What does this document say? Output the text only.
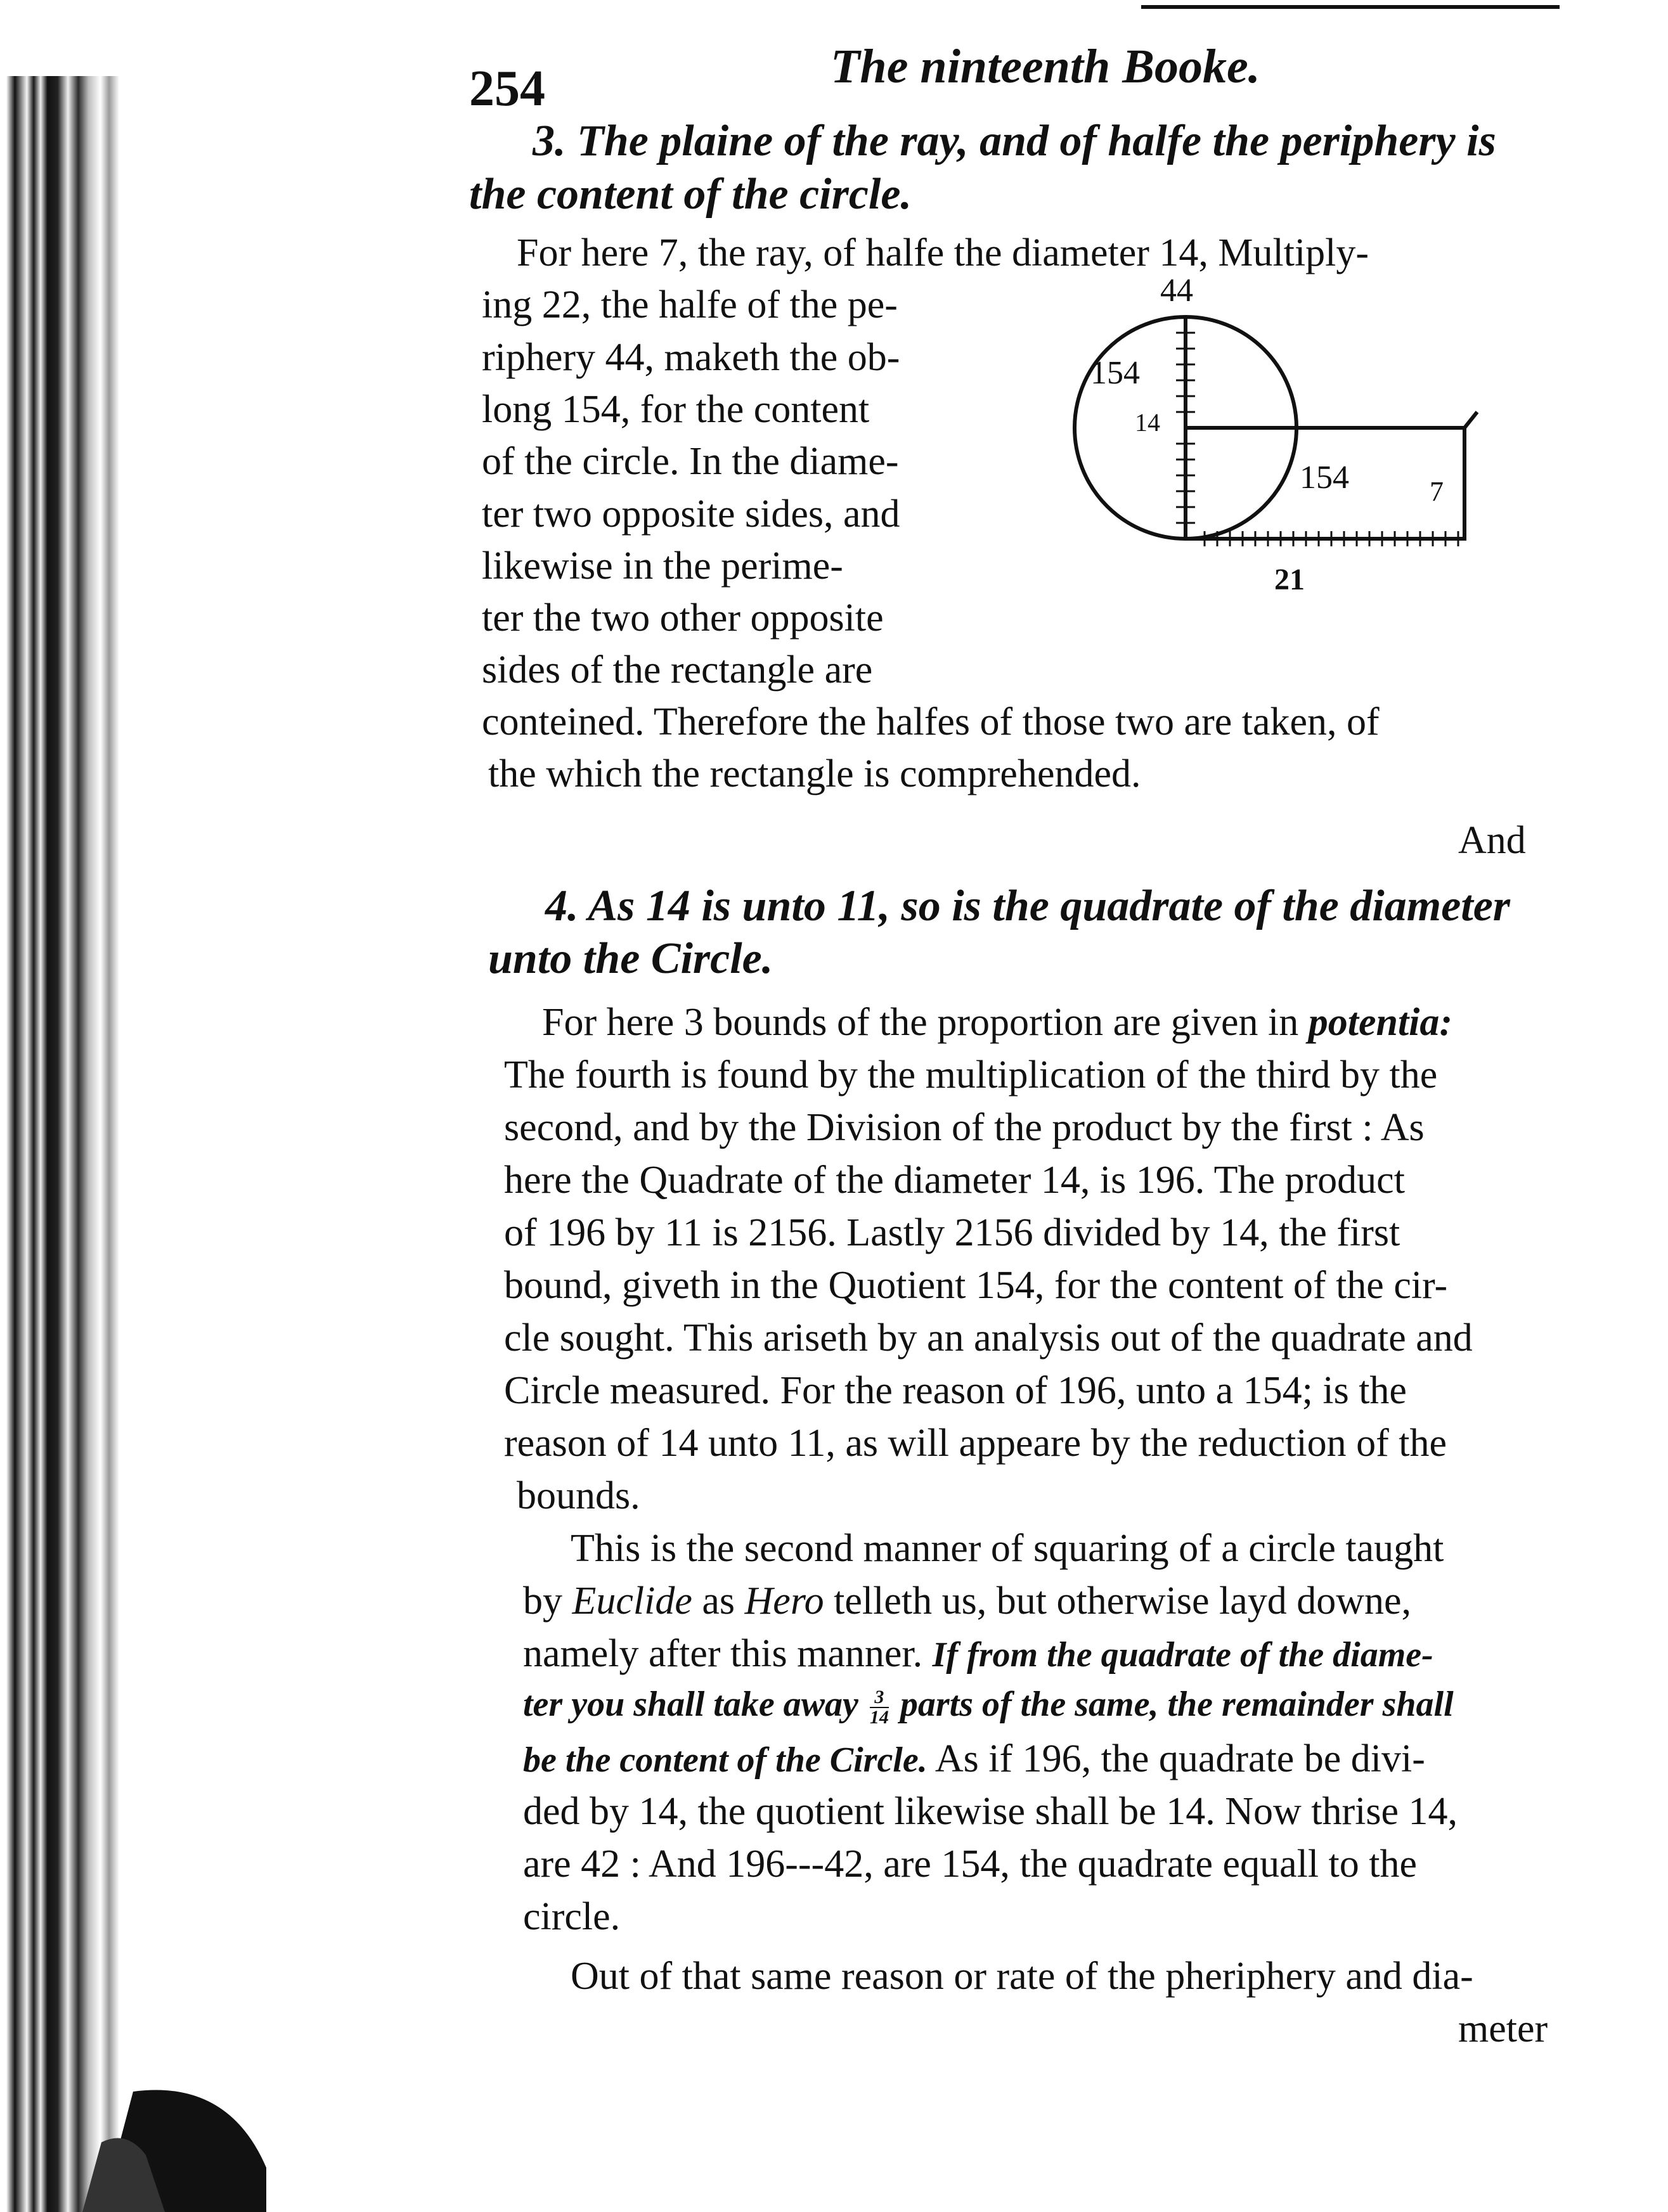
254	The ninteenth Booke.
3. The plaine of the ray, and of halfe the periphery is
the content of the circle.
For here 7, the ray, of halfe the diameter 14, Multiply-
ing 22, the halfe of the pe-
riphery 44, maketh the ob-
long 154, for the content
of the circle. In the diame-
ter two opposite sides, and
likewise in the perime-
ter the two other opposite
sides of the rectangle are
conteined. Therefore the halfes of those two are taken, of
the which the rectangle is comprehended.
And
4. As 14 is unto 11, so is the quadrate of the diameter
unto the Circle.
For here 3 bounds of the proportion are given in potentia:
The fourth is found by the multiplication of the third by the
second, and by the Division of the product by the first : As
here the Quadrate of the diameter 14, is 196. The product
of 196 by 11 is 2156. Lastly 2156 divided by 14, the first
bound, giveth in the Quotient 154, for the content of the cir-
cle sought. This ariseth by an analysis out of the quadrate and
Circle measured. For the reason of 196, unto a 154; is the
reason of 14 unto 11, as will appeare by the reduction of the
bounds.
This is the second manner of squaring of a circle taught
by Euclide as Hero telleth us, but otherwise layd downe,
namely after this manner. If from the quadrate of the diame-
ter you shall take away $\frac{3}{14}$ parts of the same, the remainder shall
be the content of the Circle. As if 196, the quadrate be divi-
ded by 14, the quotient likewise shall be 14. Now thrise 14,
are 42 : And 196---42, are 154, the quadrate equall to the
circle.
Out of that same reason or rate of the pheriphery and dia-
meter
44
154
14
154	7
21
